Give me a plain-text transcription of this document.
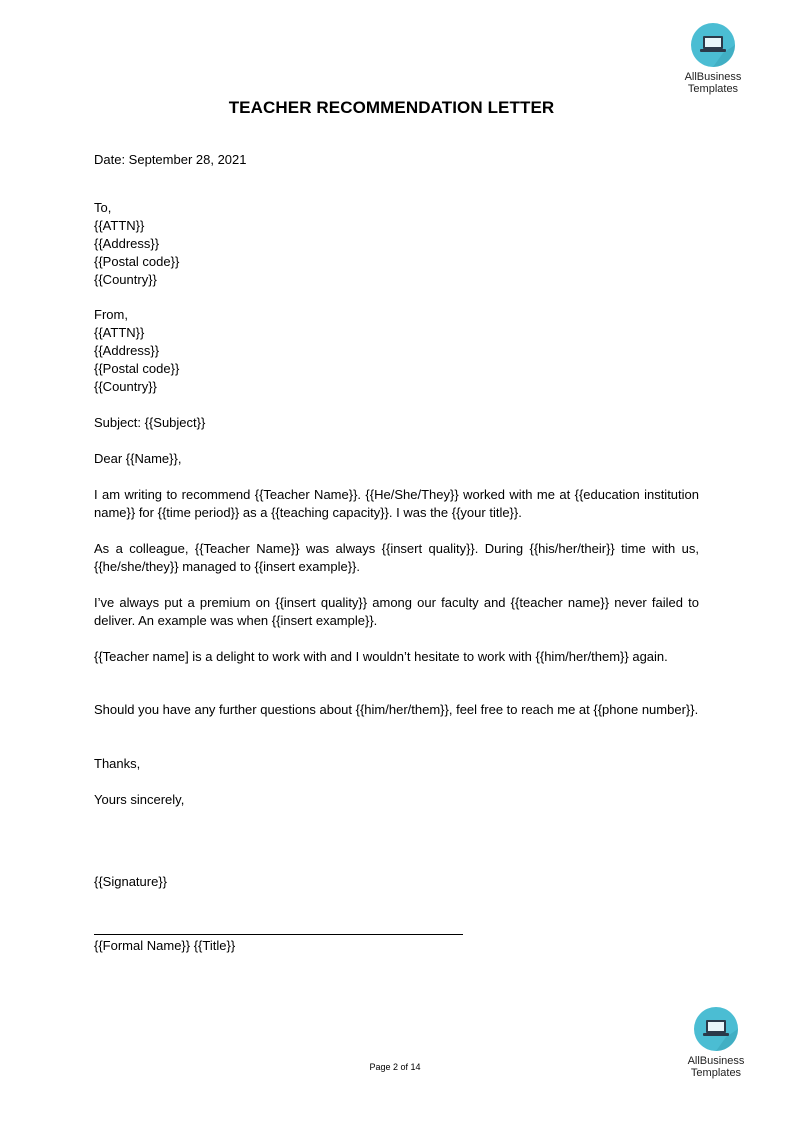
AllBusiness
Templates
TEACHER RECOMMENDATION LETTER
Date: September 28, 2021
To,
{{ATTN}}
{{Address}}
{{Postal code}}
{{Country}}
From,
{{ATTN}}
{{Address}}
{{Postal code}}
{{Country}}
Subject: {{Subject}}
Dear {{Name}},
I am writing to recommend {{Teacher Name}}. {{He/She/They}} worked with me at {{education institution name}} for {{time period}} as a {{teaching capacity}}. I was the {{your title}}.
As a colleague, {{Teacher Name}} was always {{insert quality}}. During {{his/her/their}} time with us, {{he/she/they}} managed to {{insert example}}.
I’ve always put a premium on {{insert quality}} among our faculty and {{teacher name}} never failed to deliver. An example was when {{insert example}}.
{{Teacher name] is a delight to work with and I wouldn’t hesitate to work with {{him/her/them}} again.
Should you have any further questions about {{him/her/them}}, feel free to reach me at {{phone number}}.
Thanks,
Yours sincerely,
{{Signature}}
{{Formal Name}} {{Title}}
AllBusiness
Templates
Page 2 of 14
